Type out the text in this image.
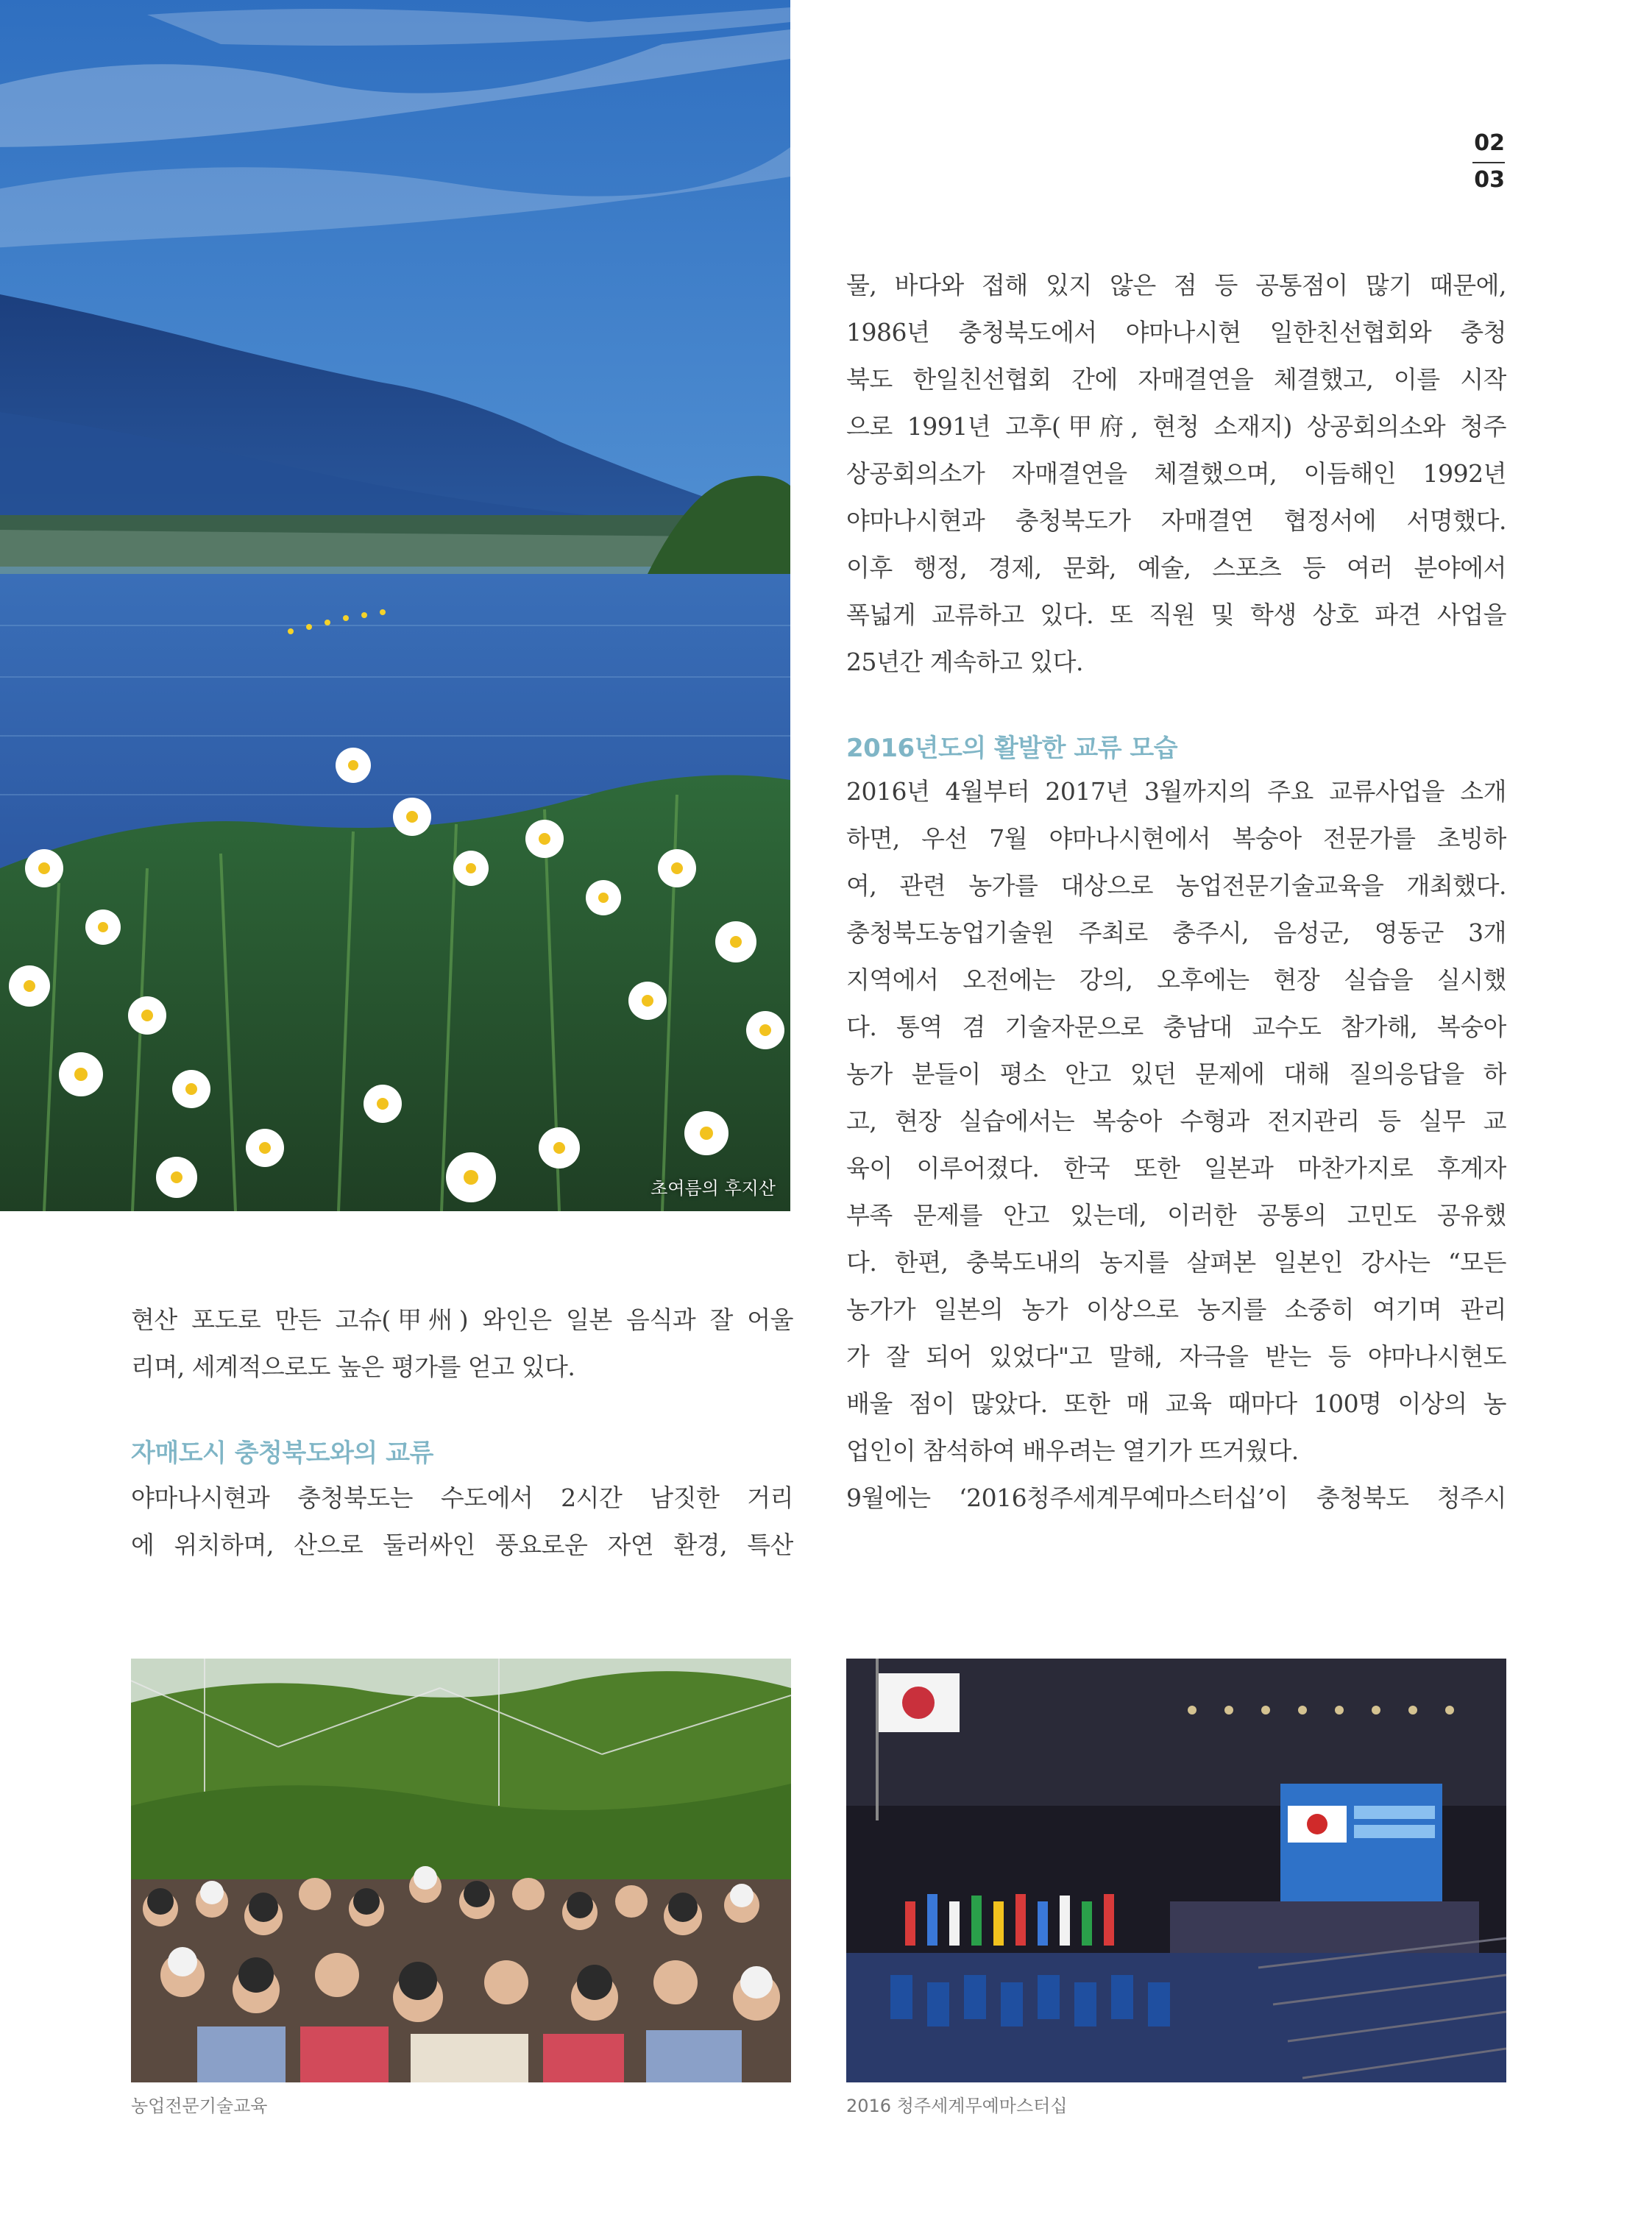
02
03
초여름의 후지산
현산 포도로 만든 고슈(甲州) 와인은 일본 음식과 잘 어울
리며, 세계적으로도 높은 평가를 얻고 있다.
자매도시 충청북도와의 교류
야마나시현과 충청북도는 수도에서 2시간 남짓한 거리
에 위치하며, 산으로 둘러싸인 풍요로운 자연 환경, 특산
물, 바다와 접해 있지 않은 점 등 공통점이 많기 때문에,
1986년 충청북도에서 야마나시현 일한친선협회와 충청
북도 한일친선협회 간에 자매결연을 체결했고, 이를 시작
으로 1991년 고후(甲府, 현청 소재지) 상공회의소와 청주
상공회의소가 자매결연을 체결했으며, 이듬해인 1992년
야마나시현과 충청북도가 자매결연 협정서에 서명했다.
이후 행정, 경제, 문화, 예술, 스포츠 등 여러 분야에서
폭넓게 교류하고 있다. 또 직원 및 학생 상호 파견 사업을
25년간 계속하고 있다.
2016년도의 활발한 교류 모습
2016년 4월부터 2017년 3월까지의 주요 교류사업을 소개
하면, 우선 7월 야마나시현에서 복숭아 전문가를 초빙하
여, 관련 농가를 대상으로 농업전문기술교육을 개최했다.
충청북도농업기술원 주최로 충주시, 음성군, 영동군 3개
지역에서 오전에는 강의, 오후에는 현장 실습을 실시했
다. 통역 겸 기술자문으로 충남대 교수도 참가해, 복숭아
농가 분들이 평소 안고 있던 문제에 대해 질의응답을 하
고, 현장 실습에서는 복숭아 수형과 전지관리 등 실무 교
육이 이루어졌다. 한국 또한 일본과 마찬가지로 후계자
부족 문제를 안고 있는데, 이러한 공통의 고민도 공유했
다. 한편, 충북도내의 농지를 살펴본 일본인 강사는 “모든
농가가 일본의 농가 이상으로 농지를 소중히 여기며 관리
가 잘 되어 있었다"고 말해, 자극을 받는 등 야마나시현도
배울 점이 많았다. 또한 매 교육 때마다 100명 이상의 농
업인이 참석하여 배우려는 열기가 뜨거웠다.
9월에는 ‘2016청주세계무예마스터십’이 충청북도 청주시
농업전문기술교육	2016 청주세계무예마스터십
